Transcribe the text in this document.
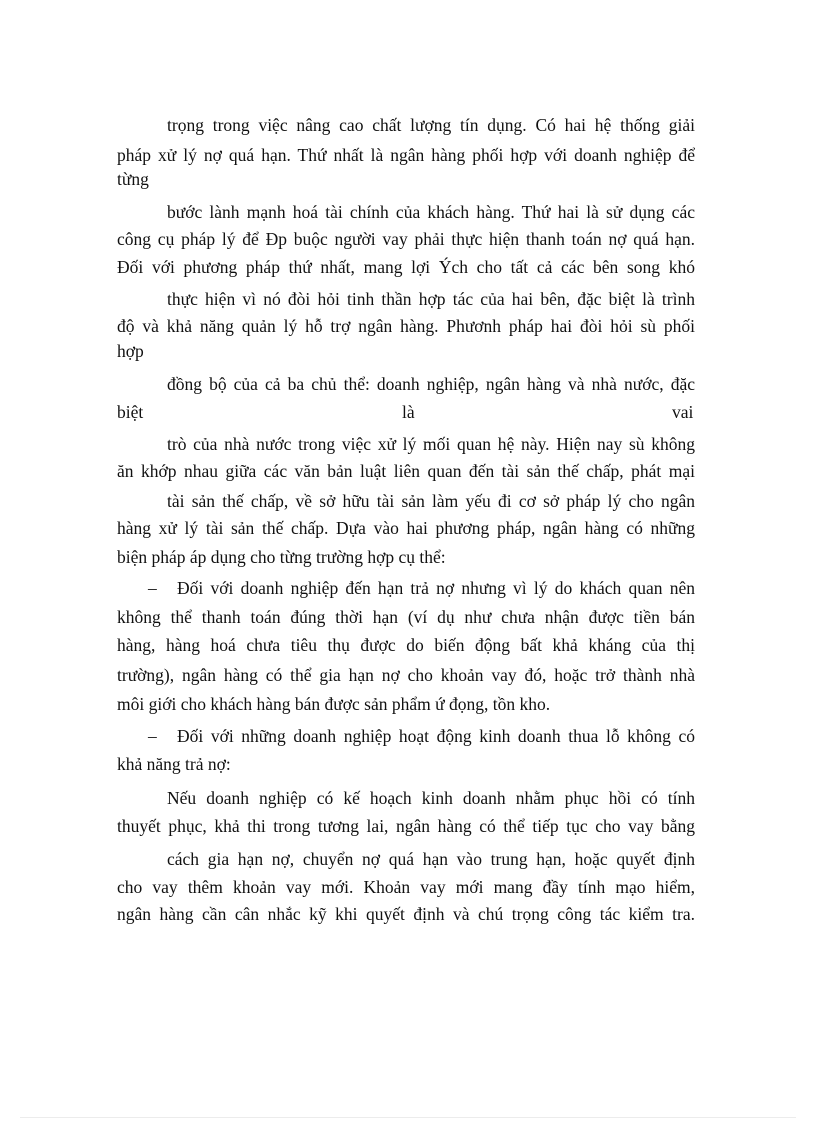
trọng trong việc nâng cao chất lượng tín dụng. Có hai hệ thống giải
pháp xử lý nợ quá hạn. Thứ nhất là ngân hàng phối hợp với doanh nghiệp để
từng
bước lành mạnh hoá tài chính của khách hàng. Thứ hai là sử dụng các
công cụ pháp lý để Đp buộc người vay phải thực hiện thanh toán nợ quá hạn.
Đối với phương pháp thứ nhất, mang lợi Ých cho tất cả các bên song khó
thực hiện vì nó đòi hỏi tinh thần hợp tác của hai bên, đặc biệt là trình
độ và khả năng quản lý hỗ trợ ngân hàng. Phươnh pháp hai đòi hỏi sù phối
hợp
đồng bộ của cả ba chủ thể: doanh nghiệp, ngân hàng và nhà nước, đặc
biệt	là	vai
trò của nhà nước trong việc xử lý mối quan hệ này. Hiện nay sù không
ăn khớp nhau giữa các văn bản luật liên quan đến tài sản thế chấp, phát mại
tài sản thế chấp, về sở hữu tài sản làm yếu đi cơ sở pháp lý cho ngân
hàng xử lý tài sản thế chấp. Dựa vào hai phương pháp, ngân hàng có những
biện pháp áp dụng cho từng trường hợp cụ thể:
– Đối với doanh nghiệp đến hạn trả nợ nhưng vì lý do khách quan nên
không thể thanh toán đúng thời hạn (ví dụ như chưa nhận được tiền bán
hàng, hàng hoá chưa tiêu thụ được do biến động bất khả kháng của thị
trường), ngân hàng có thể gia hạn nợ cho khoản vay đó, hoặc trở thành nhà
môi giới cho khách hàng bán được sản phẩm ứ đọng, tồn kho.
– Đối với những doanh nghiệp hoạt động kinh doanh thua lỗ không có
khả năng trả nợ:
Nếu doanh nghiệp có kế hoạch kinh doanh nhằm phục hồi có tính
thuyết phục, khả thi trong tương lai, ngân hàng có thể tiếp tục cho vay bằng
cách gia hạn nợ, chuyển nợ quá hạn vào trung hạn, hoặc quyết định
cho vay thêm khoản vay mới. Khoản vay mới mang đầy tính mạo hiểm,
ngân hàng cần cân nhắc kỹ khi quyết định và chú trọng công tác kiểm tra.
